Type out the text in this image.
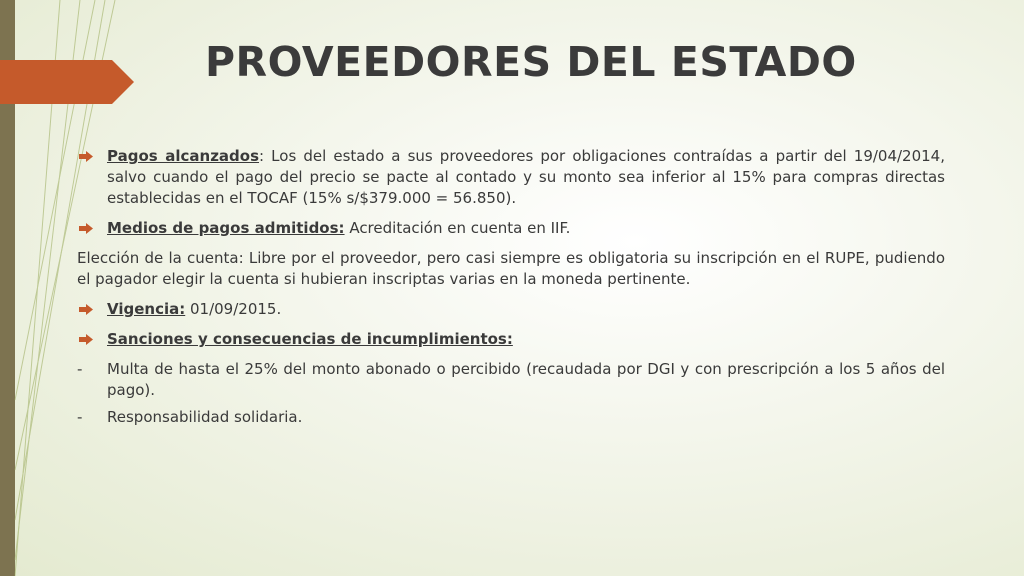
PROVEEDORES DEL ESTADO
Pagos alcanzados: Los del estado a sus proveedores por obligaciones contraídas a partir del 19/04/2014, salvo cuando el pago del precio se pacte al contado y su monto sea inferior al 15% para compras directas establecidas en el TOCAF (15% s/$379.000 = 56.850).
Medios de pagos admitidos: Acreditación en cuenta en IIF.
Elección de la cuenta: Libre por el proveedor, pero casi siempre es obligatoria su inscripción en el RUPE, pudiendo el pagador elegir la cuenta si hubieran inscriptas varias en la moneda pertinente.
Vigencia: 01/09/2015.
Sanciones y consecuencias de incumplimientos:
- Multa de hasta el 25% del monto abonado o percibido (recaudada por DGI y con prescripción a los 5 años del pago).
- Responsabilidad solidaria.
